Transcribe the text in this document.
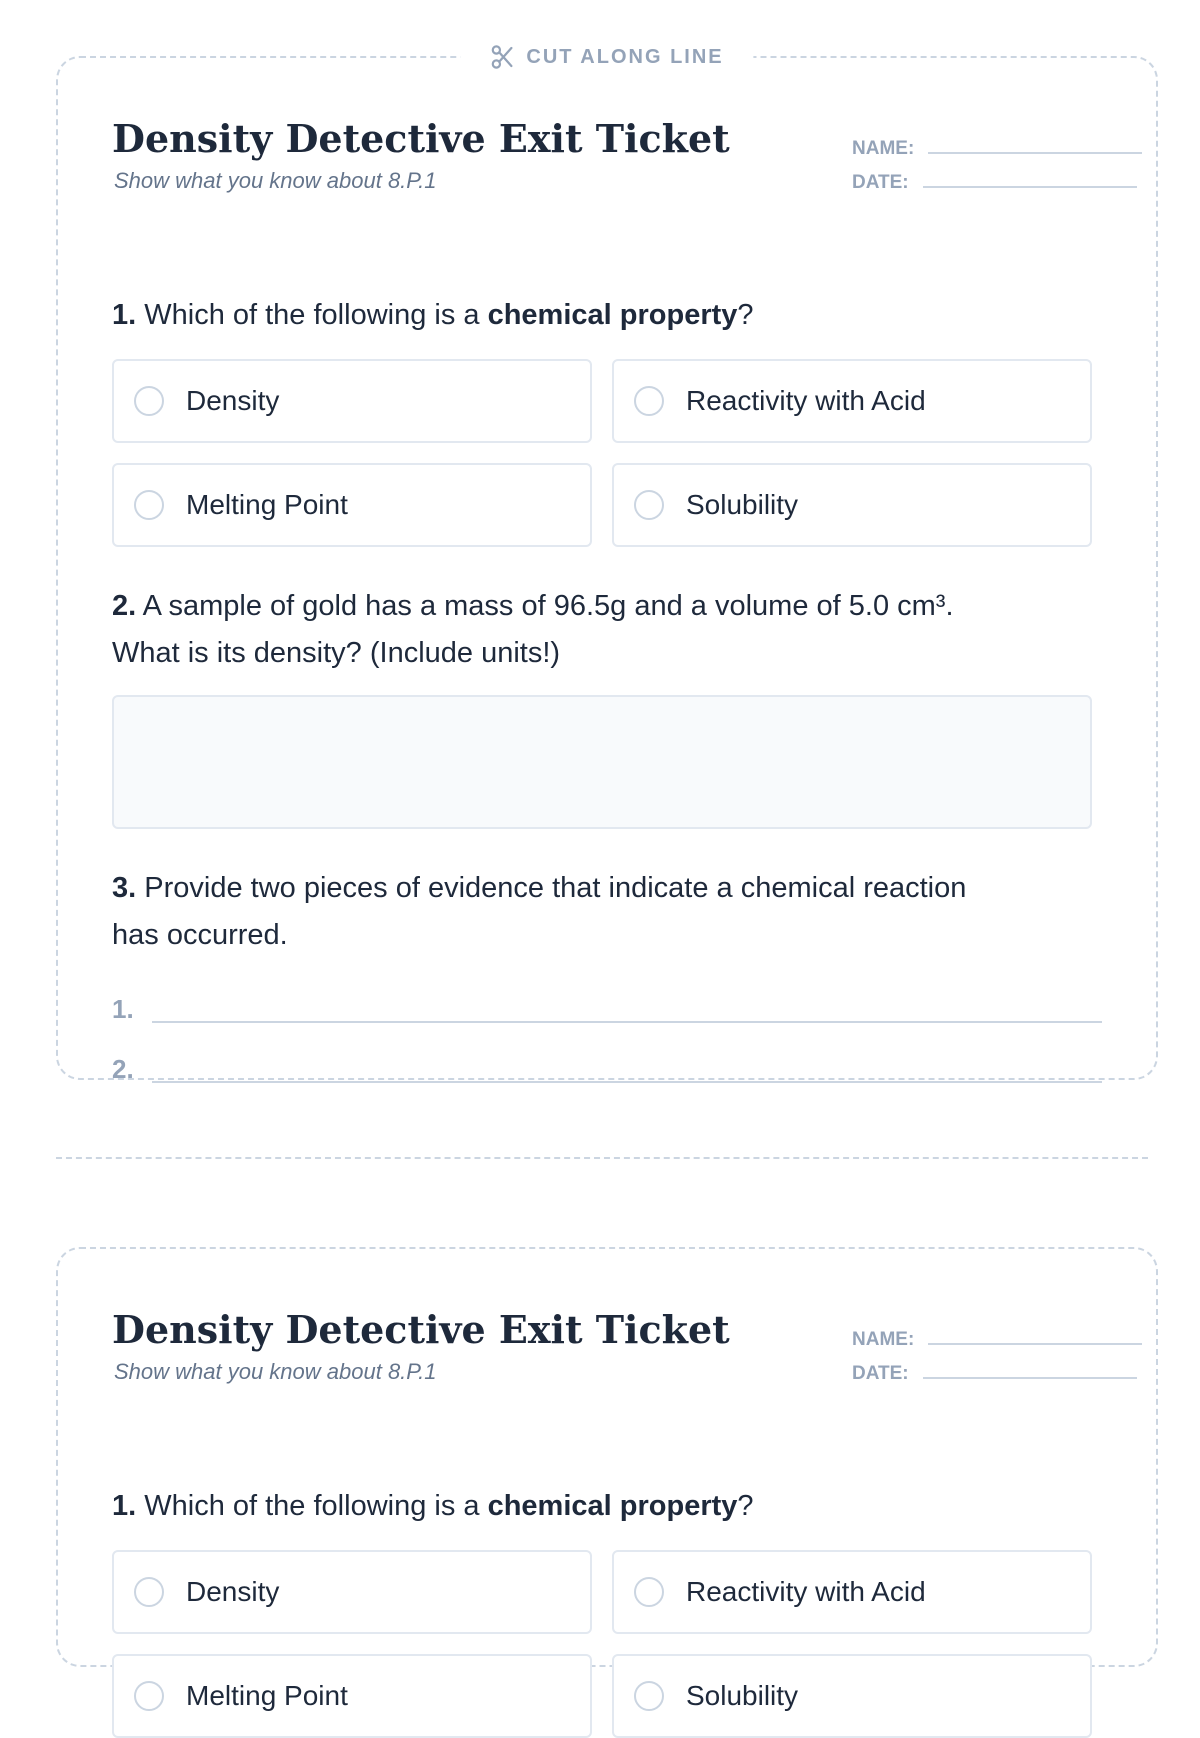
CUT ALONG LINE
Density Detective Exit Ticket
Show what you know about 8.P.1
NAME:
DATE:

1. Which of the following is a chemical property?

Density	Reactivity with Acid
Melting Point	Solubility

2. A sample of gold has a mass of 96.5g and a volume of 5.0 cm³.
What is its density? (Include units!)

3. Provide two pieces of evidence that indicate a chemical reaction
has occurred.

1.
2.
Density Detective Exit Ticket
Show what you know about 8.P.1
NAME:
DATE:

1. Which of the following is a chemical property?

Density	Reactivity with Acid
Melting Point	Solubility
